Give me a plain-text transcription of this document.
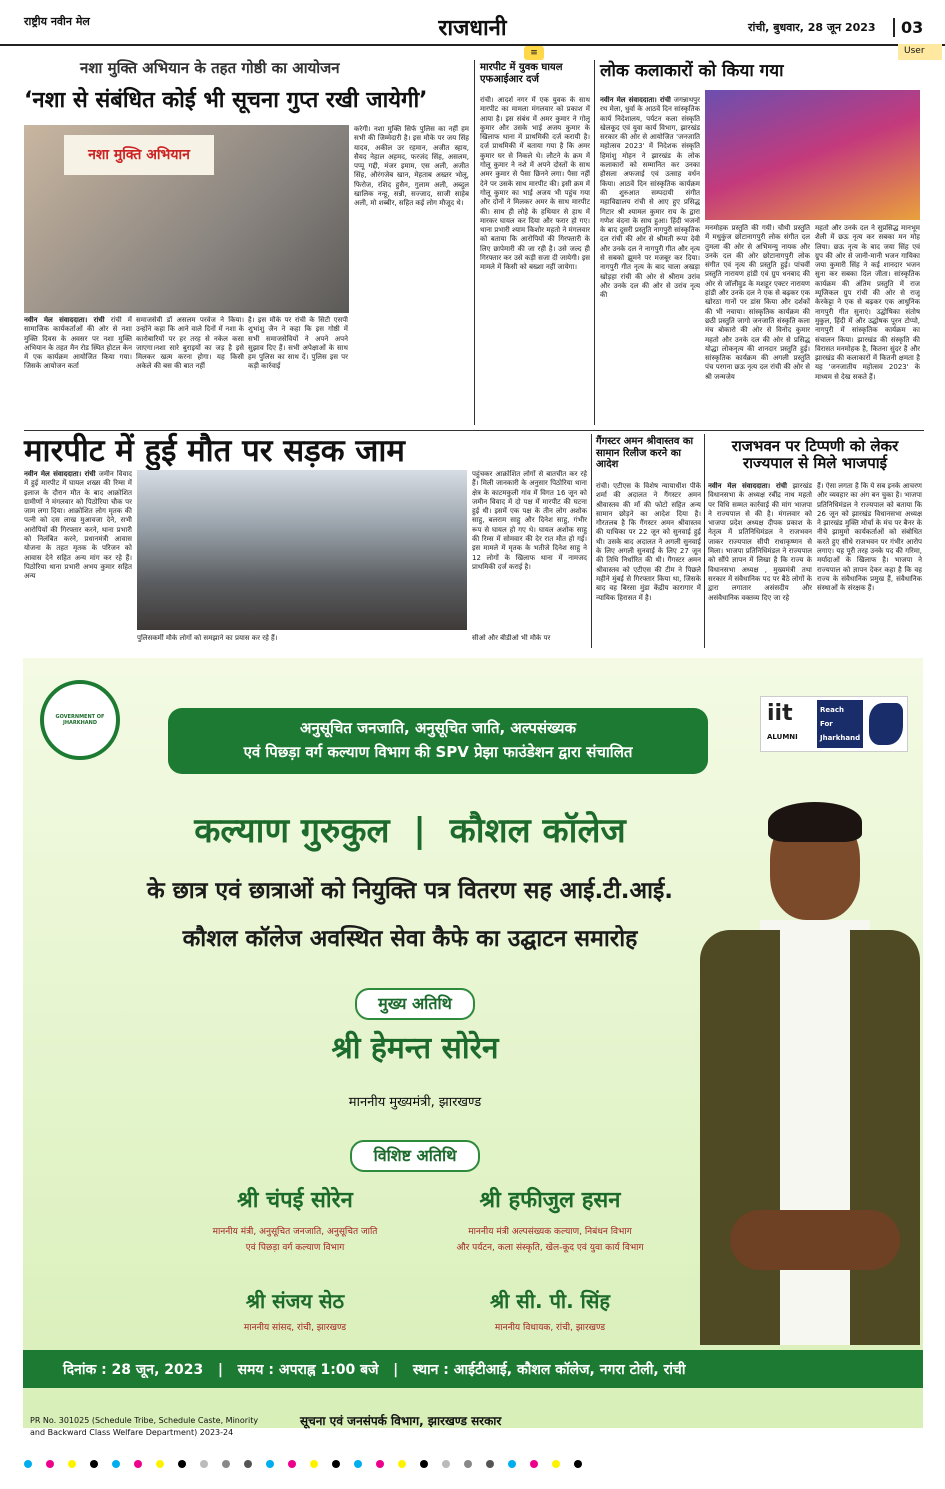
राष्ट्रीय नवीन मेल	राजधानी	रांची, बुधवार, 28 जून 2023	03
User
≡
नशा मुक्ति अभियान के तहत गोष्ठी का आयोजन
‘नशा से संबंधित कोई भी सूचना गुप्त रखी जायेगी’
नशा मुक्ति अभियान
नवीन मेल संवाददाता। रांची रांची में सामाजिक कार्यकर्ताओं की ओर से नशा मुक्ति दिवस के अवसर पर नशा मुक्ति अभियान के तहत मैन रोड स्थित होटल केन में एक कार्यक्रम आयोजित किया गया। जिसके आयोजन कर्ता
समाजसेवी डॉ असलम परवेज ने किया। उन्होंने कहा कि आने वाले दिनों में नशा के कारोबारियों पर हर तरह से नकेल कसा जाएगा।नशा सारे बुराइयों का जड़ है इसे मिलकर खत्म करना होगा। यह किसी अकेले की बस की बात नहीं
है। इस मौके पर रांची के सिटी एसपी शुभांशु जैन ने कहा कि इस गोष्ठी में सभी समाजसेवियों ने अपने अपने सुझाव दिए हैं। सभी अपेक्षाओं के साथ हम पुलिस का साथ दें। पुलिस इस पर कड़ी कार्रवाई
करेगी। नशा मुक्ति सिर्फ पुलिस का नहीं हम सभी की जिम्मेदारी है। इस मौके पर जय सिंह यादव, अकील उर रहमान, अजीत स्हाय, सैयद नेहाल अहमद, फरजंद सिंह, असलम, पप्पू गद्दी, मंजर इमाम, एस अली, अजीत सिंह, औरंगजेब खान, मेहताब अख्तर भोलू, फिरोज, रशिद हुसैन, गुलाम अली, अब्दुल खालिक नन्हू, सन्नी, सज्जाद, साजी साहेब अली, मो शब्बीर, सहित कई लोग मौजूद थे।
मारपीट में युवक घायल एफआईआर दर्ज
रांची। आदर्श नगर में एक युवक के साथ मारपीट का मामला मंगलवार को प्रकाश में आया है। इस संबंध में अमर कुमार ने गोलू कुमार और उसके भाई अजय कुमार के खिलाफ थाना में प्राथमिकी दर्ज करायी है। दर्ज प्राथमिकी में बताया गया है कि अमर कुमार घर से निकले थे। लौटने के क्रम में गोलू कुमार ने नशे में अपने दोस्तों के साथ अमर कुमार से पैसा छिनने लगा। पैसा नहीं देने पर उसके साथ मारपीट की। इसी क्रम में गोलू कुमार का भाई अजय भी पहुंच गया और दोनों ने मिलकर अमर के साथ मारपीट की। साथ ही लोहे के हथियार से हाथ में मारकर घायल कर दिया और फरार हो गए। थाना प्रभारी श्याम किशोर महतो ने मंगलवार को बताया कि आरोपियों की गिरफ्तारी के लिए छापेमारी की जा रही है। उसे जल्द ही गिरफ्तार कर उसे कड़ी सजा दी जायेगी। इस मामले में किसी को बख्शा नहीं जायेगा।
लोक कलाकारों को किया गया
नवीन मेल संवाददाता। रांची जगन्नाथपुर रथ मेला, धुर्वा के आठवें दिन सांस्कृतिक कार्य निदेशालय, पर्यटन कला संस्कृति खेलकूद एवं युवा कार्य विभाग, झारखंड सरकार की ओर से आयोजित 'जनजाति महोत्सव 2023' में निदेशक संस्कृति हिमांशु मोहन ने झारखंड के लोक कलाकारों को सम्मानित कर उनका हौसला अफजाई एवं उत्साह वर्धन किया। आठवें दिन सांस्कृतिक कार्यक्रम की शुरुआत सम्पदायी संगीत महाविद्यालय रांची से आए हुए प्रसिद्ध गिटार श्री श्यामल कुमार राय के द्वारा गणेश वंदना के साथ हुआ। हिंदी भजनों के बाद दूसरी प्रस्तुति नागपुरी सांस्कृतिक दल रांची की ओर से श्रीमती रूपा देवी और उनके दल ने नागपुरी गीत और नृत्य से सबको झूमने पर मजबूर कर दिया। नागपुरी गीत नृत्य के बाद चाला अखड़ा खोड़हा रांची की ओर से श्रीराम उरांव और उनके दल की ओर से उरांव नृत्य की
मनमोहक प्रस्तुति की गयी। चौथी प्रस्तुति में मधुकुंज छोटानागपुरी लोक संगीत दल तुमला की ओर से अभिमन्यु नायक और उनके दल की ओर छोटानागपुरी लोक संगीत एवं नृत्य की प्रस्तुति हुई। पांचवीं प्रस्तुति नारायण हांडी एवं ग्रुप धनबाद की ओर से जॉलीवुड के मशहूर एक्टर नारायण हांडी और उनके दल ने एक से बढ़कर एक खोरठा गानों पर डांस किया और दर्शकों की भी नचाया। सांस्कृतिक कार्यक्रम की छठी प्रस्तुति जागो जनजाति संस्कृति कला मंच बोकारो की ओर से विनोद कुमार महतो और उनके दल की ओर से प्रसिद्ध योद्धा लोकनृत्य की शानदार प्रस्तुति हुई। सांस्कृतिक कार्यक्रम की अगली प्रस्तुति पंच परगना छऊ नृत्य दल रांची की ओर से श्री जन्मजेय
महतो और उनके दल ने सुप्रसिद्ध मानभूम शैली में छऊ नृत्य कर सबका मन मोह लिया। छऊ नृत्य के बाद जया सिंह एवं ग्रुप की ओर से जानी-मानी भजन गायिका जया कुमारी सिंह ने कई शानदार भजन सुना कर सबका दिल जीता। सांस्कृतिक कार्यक्रम की अंतिम प्रस्तुति में राज म्यूजिकल ग्रुप रांची की ओर से राजू केरकेट्टा ने एक से बढ़कर एक आधुनिक नागपुरी गीत सुनाएं। उद्घोषिका संतोष मुकुल, हिंदी में और उद्घोषक पूरन टोप्पो, नागपुरी में सांस्कृतिक कार्यक्रम का संचालन किया। झारखंड की संस्कृति की विरासत मनमोहक है, कितना सुंदर है और झारखंड की कलाकारों में कितनी क्षमता है यह 'जनजातीय महोत्सव 2023' के माध्यम से देख सकते हैं।
मारपीट में हुई मौत पर सड़क जाम
नवीन मेल संवाददाता। रांची जमीन विवाद में हुई मारपीट में घायल शख्स की रिम्स में इलाज के दौरान मौत के बाद आक्रोशित ग्रामीणों ने मंगलवार को पिठोरिया चौक पर जाम लगा दिया। आक्रोशित लोग मृतक की पत्नी को दस लाख मुआवजा देने, सभी आरोपियों की गिरफ्तार करने, थाना प्रभारी को निलंबित करने, प्रधानमंत्री आवास योजना के तहत मृतक के परिजन को आवास देने सहित अन्य मांग कर रहे हैं। पिठोरिया थाना प्रभारी अभय कुमार सहित अन्य
पुलिसकर्मी मौके लोगों को समझाने का प्रयास कर रहे हैं।
पहुंचकर आक्रोशित लोगों से बातचीत कर रहे हैं। मिली जानकारी के अनुसार पिठोरिया थाना क्षेत्र के काटमकुली गांव में विगत 16 जून को जमीन विवाद में दो पक्ष में मारपीट की घटना हुई थी। इसमें एक पक्ष के तीन लोग अशोक साहु, बलराम साहु और दिनेश साहु, गंभीर रूप से घायल हो गए थे। घायल अशोक साहु की रिम्स में सोमवार की देर रात मौत हो गई। इस मामले में मृतक के भतीजे दिनेश साहु ने 12 लोगों के खिलाफ थाना में नामजद प्राथमिकी दर्ज कराई है।
सीओ और बीडीओ भी मौके पर
गैंगस्टर अमन श्रीवास्तव का सामान रिलीज करने का आदेश
रांची। एटीएस के विशेष न्यायाधीश पीके शर्मा की अदालत ने गैंगस्टर अमन श्रीवास्तव की माँ की फोटो सहित अन्य सामान छोड़ने का आदेश दिया है। गौरतलब है कि गैंगस्टर अमन श्रीवास्तव की याचिका पर 22 जून को सुनवाई हुई थी। उसके बाद अदालत ने अगली सुनवाई के लिए अगली सुनवाई के लिए 27 जून की तिथि निर्धारित की थी। गैंगस्टर अमन श्रीवास्तव को एटीएस की टीम ने पिछले महीने मुंबई से गिरफ्तार किया था, जिसके बाद वह बिरसा मुंडा केंद्रीय कारागार में न्यायिक हिरासत में है।
राजभवन पर टिप्पणी को लेकर राज्यपाल से मिले भाजपाई
नवीन मेल संवाददाता। रांची झारखंड विधानसभा के अध्यक्ष रबींद्र नाथ महतो पर विधि सम्मत कार्रवाई की मांग भाजपा ने राज्यपाल से की है। मंगलवार को भाजपा प्रदेश अध्यक्ष दीपक प्रकाश के नेतृत्व में प्रतिनिधिमंडल ने राजभवन जाकर राज्यपाल सीपी राधाकृष्णन से मिला। भाजपा प्रतिनिधिमंडल ने राज्यपाल को सौंपे ज्ञापन में लिखा है कि राज्य के विधानसभा अध्यक्ष , मुख्यमंत्री तथा सरकार में संवैधानिक पद पर बैठे लोगों के द्वारा लगातार असंसदीय और असंवैधानिक वक्तव्य दिए जा रहे
हैं। ऐसा लगता है कि ये सब इनके आचरण और व्यवहार का अंग बन चुका है। भाजपा प्रतिनिधिमंडल ने राज्यपाल को बताया कि 26 जून को झारखंड विधानसभा अध्यक्ष ने झारखंड मुक्ति मोर्चा के मंच पर बैनर के नीचे झामुमो कार्यकर्ताओं को संबोधित करते हुए सीधे राजभवन पर गंभीर आरोप लगाए। यह पूरी तरह उनके पद की गरिमा, मर्यादाओं के खिलाफ है। भाजपा ने राज्यपाल को ज्ञापन देकर कहा है कि वह राज्य के संवैधानिक प्रमुख हैं, संवैधानिक संस्थाओं के संरक्षक हैं।
GOVERNMENT OF JHARKHAND	iit
ALUMNI
Reach
For
Jharkhand
अनुसूचित जनजाति, अनुसूचित जाति, अल्पसंख्यक
एवं पिछड़ा वर्ग कल्याण विभाग की SPV प्रेझा फाउंडेशन द्वारा संचालित
कल्याण गुरुकुल | कौशल कॉलेज
के छात्र एवं छात्राओं को नियुक्ति पत्र वितरण सह आई.टी.आई.
कौशल कॉलेज अवस्थित सेवा कैफे का उद्घाटन समारोह
मुख्य अतिथि
श्री हेमन्त सोरेन
माननीय मुख्यमंत्री, झारखण्ड
विशिष्ट अतिथि
श्री चंपई सोरेन
माननीय मंत्री, अनुसूचित जनजाति, अनुसूचित जाति
एवं पिछड़ा वर्ग कल्याण विभाग
श्री हफीजुल हसन
माननीय मंत्री अल्पसंख्यक कल्याण, निबंधन विभाग
और पर्यटन, कला संस्कृति, खेल-कूद एवं युवा कार्य विभाग
श्री संजय सेठ
माननीय सांसद, रांची, झारखण्ड
श्री सी. पी. सिंह
माननीय विधायक, रांची, झारखण्ड
दिनांक : 28 जून, 2023   |   समय : अपराह्न 1:00 बजे   |   स्थान : आईटीआई, कौशल कॉलेज, नगरा टोली, रांची
PR No. 301025 (Schedule Tribe, Schedule Caste, Minority
and Backward Class Welfare Department) 2023-24
सूचना एवं जनसंपर्क विभाग, झारखण्ड सरकार
